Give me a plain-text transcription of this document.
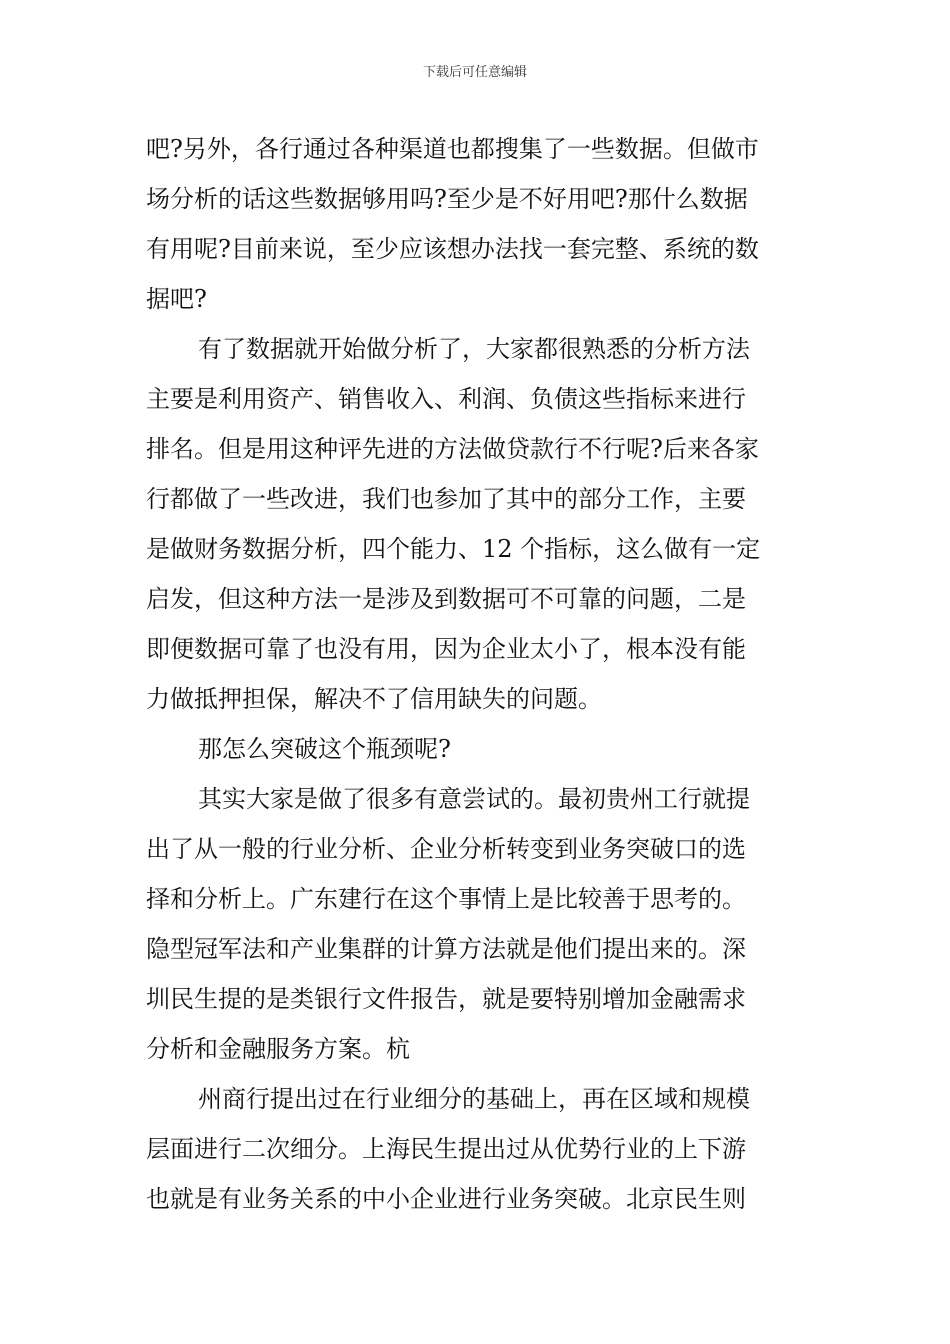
下载后可任意编辑
吧?另外，各行通过各种渠道也都搜集了一些数据。但做市
场分析的话这些数据够用吗?至少是不好用吧?那什么数据
有用呢?目前来说，至少应该想办法找一套完整、系统的数
据吧?
有了数据就开始做分析了，大家都很熟悉的分析方法
主要是利用资产、销售收入、利润、负债这些指标来进行
排名。但是用这种评先进的方法做贷款行不行呢?后来各家
行都做了一些改进，我们也参加了其中的部分工作，主要
是做财务数据分析，四个能力、12 个指标，这么做有一定
启发，但这种方法一是涉及到数据可不可靠的问题，二是
即便数据可靠了也没有用，因为企业太小了，根本没有能
力做抵押担保，解决不了信用缺失的问题。
那怎么突破这个瓶颈呢?
其实大家是做了很多有意尝试的。最初贵州工行就提
出了从一般的行业分析、企业分析转变到业务突破口的选
择和分析上。广东建行在这个事情上是比较善于思考的。
隐型冠军法和产业集群的计算方法就是他们提出来的。深
圳民生提的是类银行文件报告，就是要特别增加金融需求
分析和金融服务方案。杭
州商行提出过在行业细分的基础上，再在区域和规模
层面进行二次细分。上海民生提出过从优势行业的上下游
也就是有业务关系的中小企业进行业务突破。北京民生则
